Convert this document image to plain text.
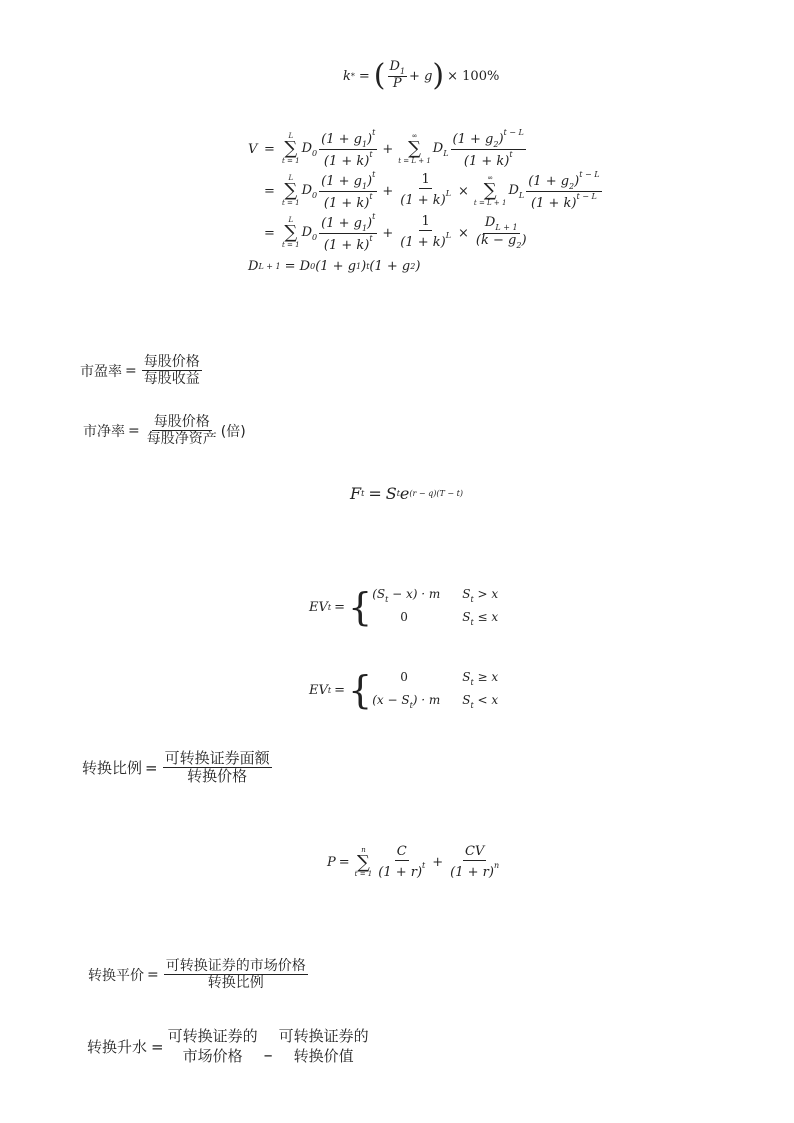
k * = ( $\frac{D_1}{P} + g$ ) × 100%
V =
L
∑
t = 1
$D_0 \frac{(1 + g_1)^t}{(1 + k)^t}$ +
∞
∑
t = L + 1
$D_L \frac{(1 + g_2)^{t - L}}{(1 + k)^t}$
=
L
∑
t = 1
$D_0 \frac{(1 + g_1)^t}{(1 + k)^t} + \frac{1}{(1 + k)^L}$ ×
∞
∑
t = L + 1
$D_L \frac{(1 + g_2)^{t - L}}{(1 + k)^{t - L}}$
=
L
∑
t = 1
$D_0 \frac{(1 + g_1)^t}{(1 + k)^t} + \frac{1}{(1 + k)^L} \times \frac{D_{L + 1}}{(k - g_2)}$
D L + 1 = D 0 (1 + g 1 ) t (1 + g 2 )
市盈率 = $\frac{\text{每股价格}}{\text{每股收益}}$
市净率 = $\frac{\text{每股价格}}{\text{每股净资产}}$ (倍)
F t = S t e (r − q)(T − t)
EV t = { $(S_t - x) \cdot m$	$S_t > x$
0	$S_t \le x$
EV t = {	0	$S_t \ge x$
$(x - S_t) \cdot m$	$S_t < x$
转换比例 = $\frac{\text{可转换证券面额}}{\text{转换价格}}$
P =
n
∑
$t = 1 \frac{C}{(1 + r)^t} + \frac{CV}{(1 + r)^n}$
转换平价 = $\frac{\text{可转换证券的市场价格}}{\text{转换比例}}$
转换升水 =
可转换证券的
市场价格 –
可转换证券的
转换价值
